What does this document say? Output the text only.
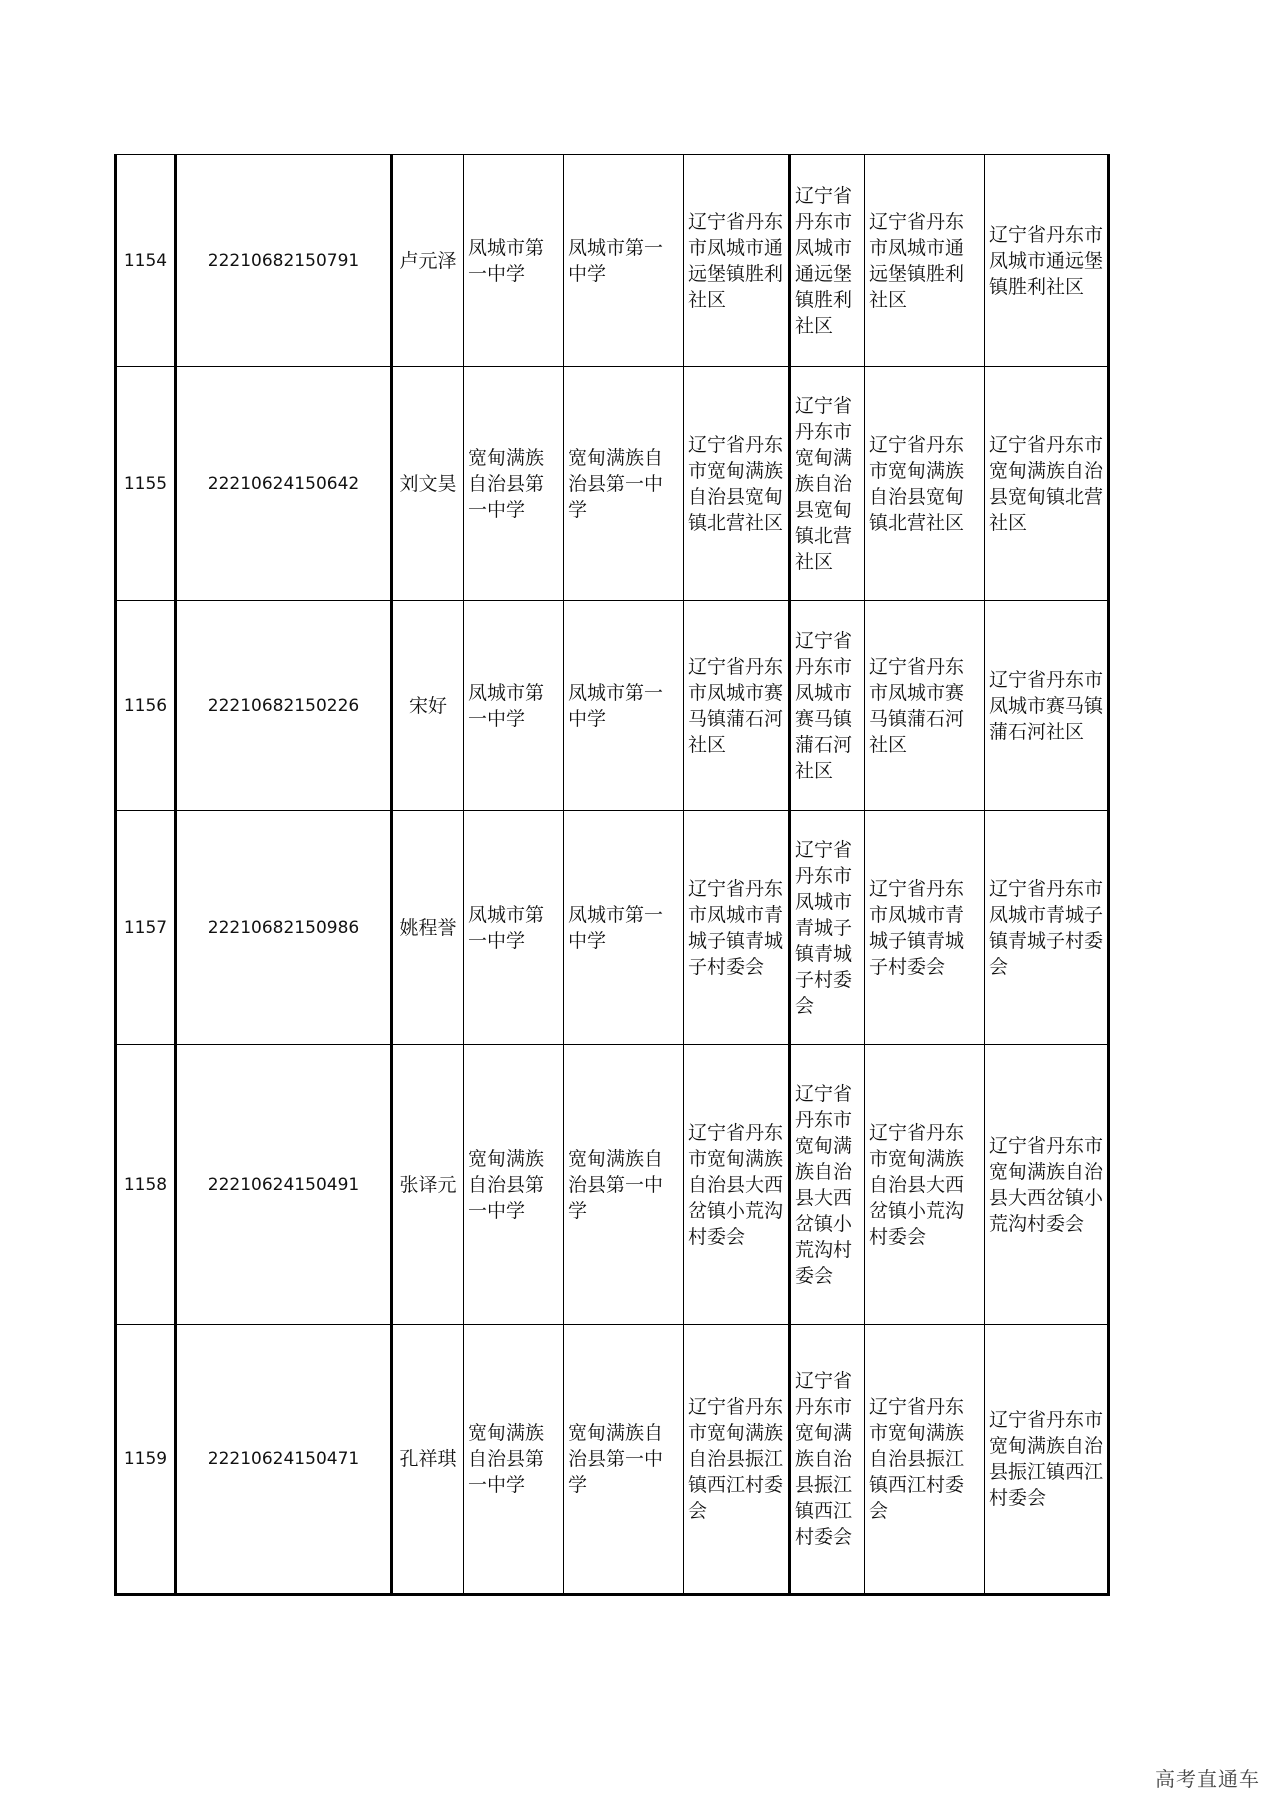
1154	22210682150791	卢元泽	凤城市第一中学	凤城市第一中学	辽宁省丹东市凤城市通远堡镇胜利社区	辽宁省丹东市凤城市通远堡镇胜利社区	辽宁省丹东市凤城市通远堡镇胜利社区	辽宁省丹东市凤城市通远堡镇胜利社区
1155	22210624150642	刘文昊	宽甸满族自治县第一中学	宽甸满族自治县第一中学	辽宁省丹东市宽甸满族自治县宽甸镇北营社区	辽宁省丹东市宽甸满族自治县宽甸镇北营社区	辽宁省丹东市宽甸满族自治县宽甸镇北营社区	辽宁省丹东市宽甸满族自治县宽甸镇北营社区
1156	22210682150226	宋好	凤城市第一中学	凤城市第一中学	辽宁省丹东市凤城市赛马镇蒲石河社区	辽宁省丹东市凤城市赛马镇蒲石河社区	辽宁省丹东市凤城市赛马镇蒲石河社区	辽宁省丹东市凤城市赛马镇蒲石河社区
1157	22210682150986	姚程誉	凤城市第一中学	凤城市第一中学	辽宁省丹东市凤城市青城子镇青城子村委会	辽宁省丹东市凤城市青城子镇青城子村委会	辽宁省丹东市凤城市青城子镇青城子村委会	辽宁省丹东市凤城市青城子镇青城子村委会
1158	22210624150491	张译元	宽甸满族自治县第一中学	宽甸满族自治县第一中学	辽宁省丹东市宽甸满族自治县大西岔镇小荒沟村委会	辽宁省丹东市宽甸满族自治县大西岔镇小荒沟村委会	辽宁省丹东市宽甸满族自治县大西岔镇小荒沟村委会	辽宁省丹东市宽甸满族自治县大西岔镇小荒沟村委会
1159	22210624150471	孔祥琪	宽甸满族自治县第一中学	宽甸满族自治县第一中学	辽宁省丹东市宽甸满族自治县振江镇西江村委会	辽宁省丹东市宽甸满族自治县振江镇西江村委会	辽宁省丹东市宽甸满族自治县振江镇西江村委会	辽宁省丹东市宽甸满族自治县振江镇西江村委会
高考直通车
